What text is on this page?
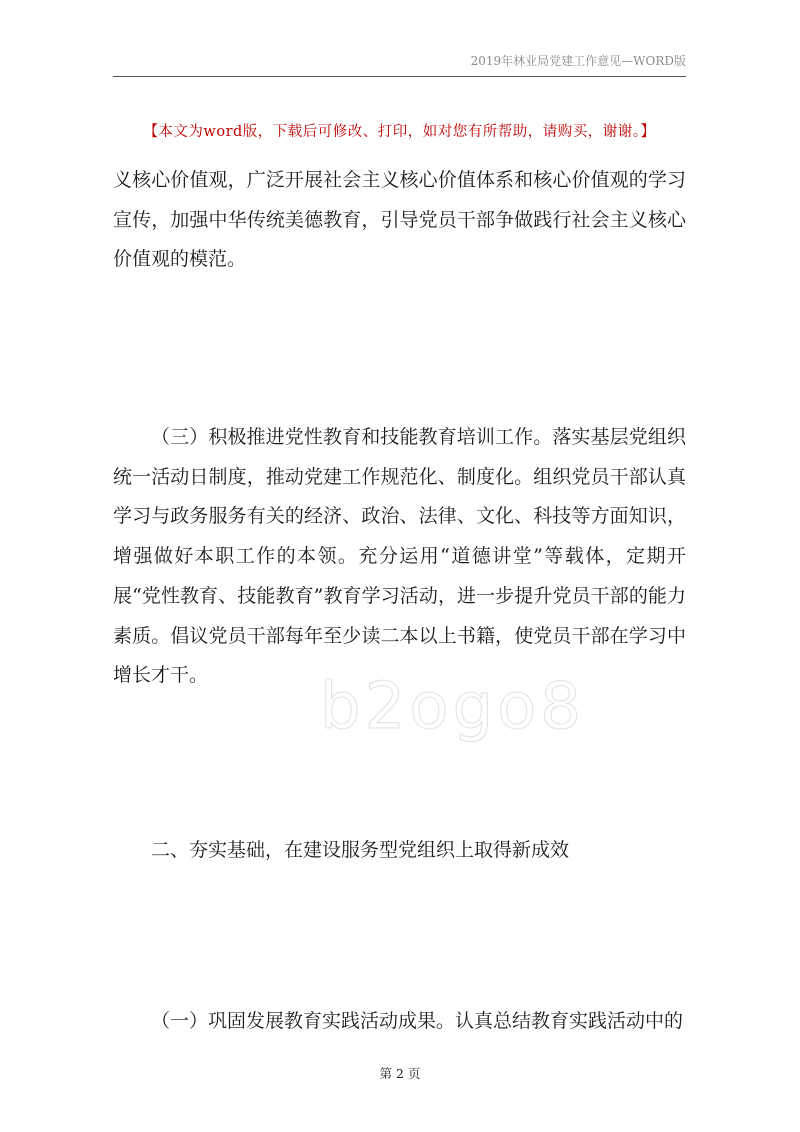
2019年林业局党建工作意见—WORD版
【本文为word版，下载后可修改、打印，如对您有所帮助，请购买，谢谢。】
b2ogo8

义核心价值观，广泛开展社会主义核心价值体系和核心价值观的学习宣传，加强中华传统美德教育，引导党员干部争做践行社会主义核心价值观的模范。

（三）积极推进党性教育和技能教育培训工作。落实基层党组织统一活动日制度，推动党建工作规范化、制度化。组织党员干部认真学习与政务服务有关的经济、政治、法律、文化、科技等方面知识，增强做好本职工作的本领。充分运用“道德讲堂”等载体，定期开展“党性教育、技能教育”教育学习活动，进一步提升党员干部的能力素质。倡议党员干部每年至少读二本以上书籍，使党员干部在学习中增长才干。

二、夯实基础，在建设服务型党组织上取得新成效

（一）巩固发展教育实践活动成果。认真总结教育实践活动中的

第 2 页
